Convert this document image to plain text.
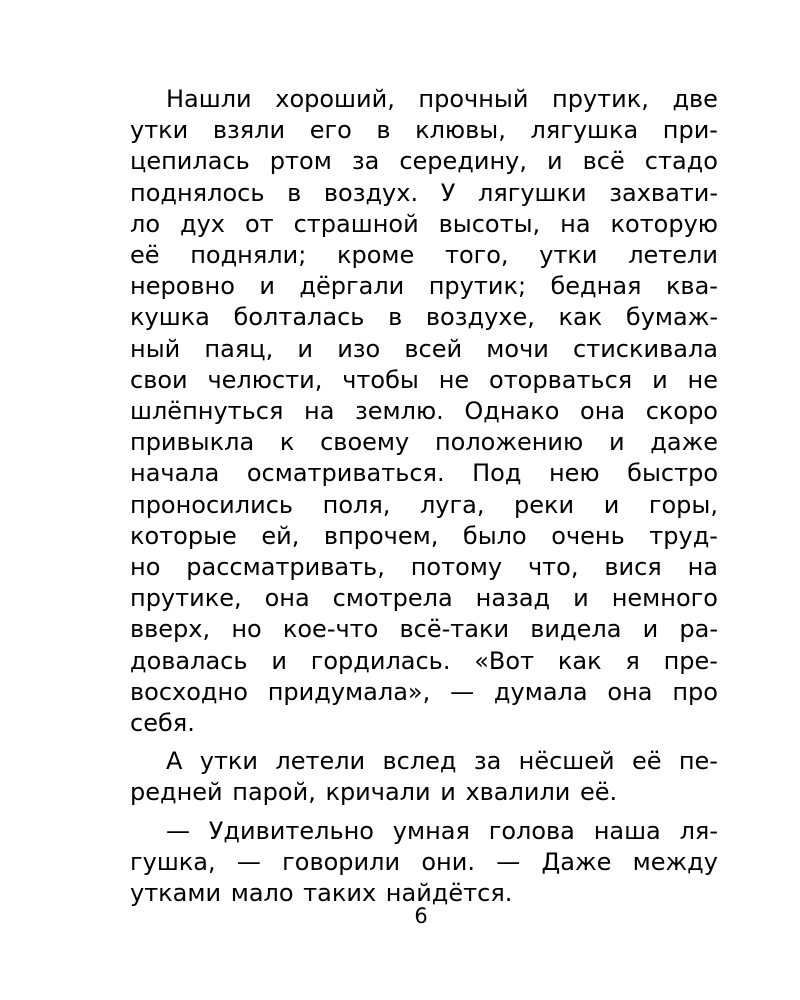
Нашли хороший, прочный прутик, две
утки взяли его в клювы, лягушка при-
цепилась ртом за середину, и всё стадо
поднялось в воздух. У лягушки захвати-
ло дух от страшной высоты, на которую
её подняли; кроме того, утки летели
неровно и дёргали прутик; бедная ква-
кушка болталась в воздухе, как бумаж-
ный паяц, и изо всей мочи стискивала
свои челюсти, чтобы не оторваться и не
шлёпнуться на землю. Однако она скоро
привыкла к своему положению и даже
начала осматриваться. Под нею быстро
проносились поля, луга, реки и горы,
которые ей, впрочем, было очень труд-
но рассматривать, потому что, вися на
прутике, она смотрела назад и немного
вверх, но кое-что всё-таки видела и ра-
довалась и гордилась. «Вот как я пре-
восходно придумала», — думала она про
себя.
А утки летели вслед за нёсшей её пе-
редней парой, кричали и хвалили её.
— Удивительно умная голова наша ля-
гушка, — говорили они. — Даже между
утками мало таких найдётся.
6
